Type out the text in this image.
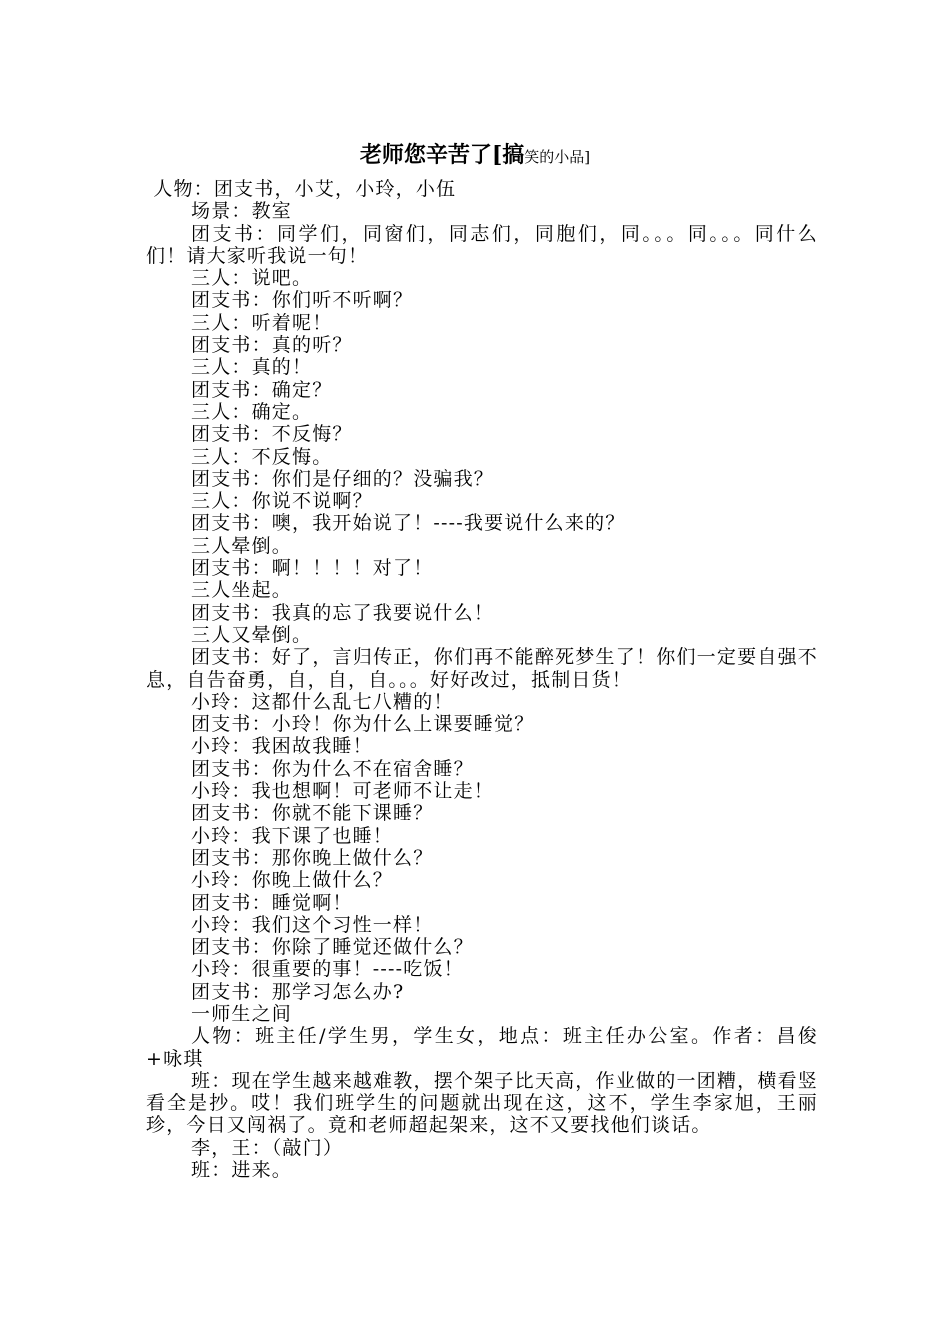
老师您辛苦了[搞笑的小品]
人物：团支书，小艾，小玲，小伍
场景：教室
团支书：同学们，同窗们，同志们，同胞们，同。。。同。。。同什么们！请大家听我说一句！
三人：说吧。
团支书：你们听不听啊？
三人：听着呢！
团支书：真的听？
三人：真的！
团支书：确定？
三人：确定。
团支书：不反悔？
三人：不反悔。
团支书：你们是仔细的？没骗我？
三人：你说不说啊？
团支书：噢，我开始说了！----我要说什么来的？
三人晕倒。
团支书：啊！！！！对了！
三人坐起。
团支书：我真的忘了我要说什么！
三人又晕倒。
团支书：好了，言归传正，你们再不能醉死梦生了！你们一定要自强不息，自告奋勇，自，自，自。。。好好改过，抵制日货！
小玲：这都什么乱七八糟的！
团支书：小玲！你为什么上课要睡觉？
小玲：我困故我睡！
团支书：你为什么不在宿舍睡？
小玲：我也想啊！可老师不让走！
团支书：你就不能下课睡？
小玲：我下课了也睡！
团支书：那你晚上做什么？
小玲：你晚上做什么？
团支书：睡觉啊！
小玲：我们这个习性一样！
团支书：你除了睡觉还做什么？
小玲：很重要的事！----吃饭！
团支书：那学习怎么办?
一师生之间
人物：班主任/学生男，学生女，地点：班主任办公室。作者：昌俊+咏琪
班：现在学生越来越难教，摆个架子比天高，作业做的一团糟，横看竖看全是抄。哎！我们班学生的问题就出现在这，这不，学生李家旭，王丽珍，今日又闯祸了。竟和老师超起架来，这不又要找他们谈话。
李，王：（敲门）
班：进来。
